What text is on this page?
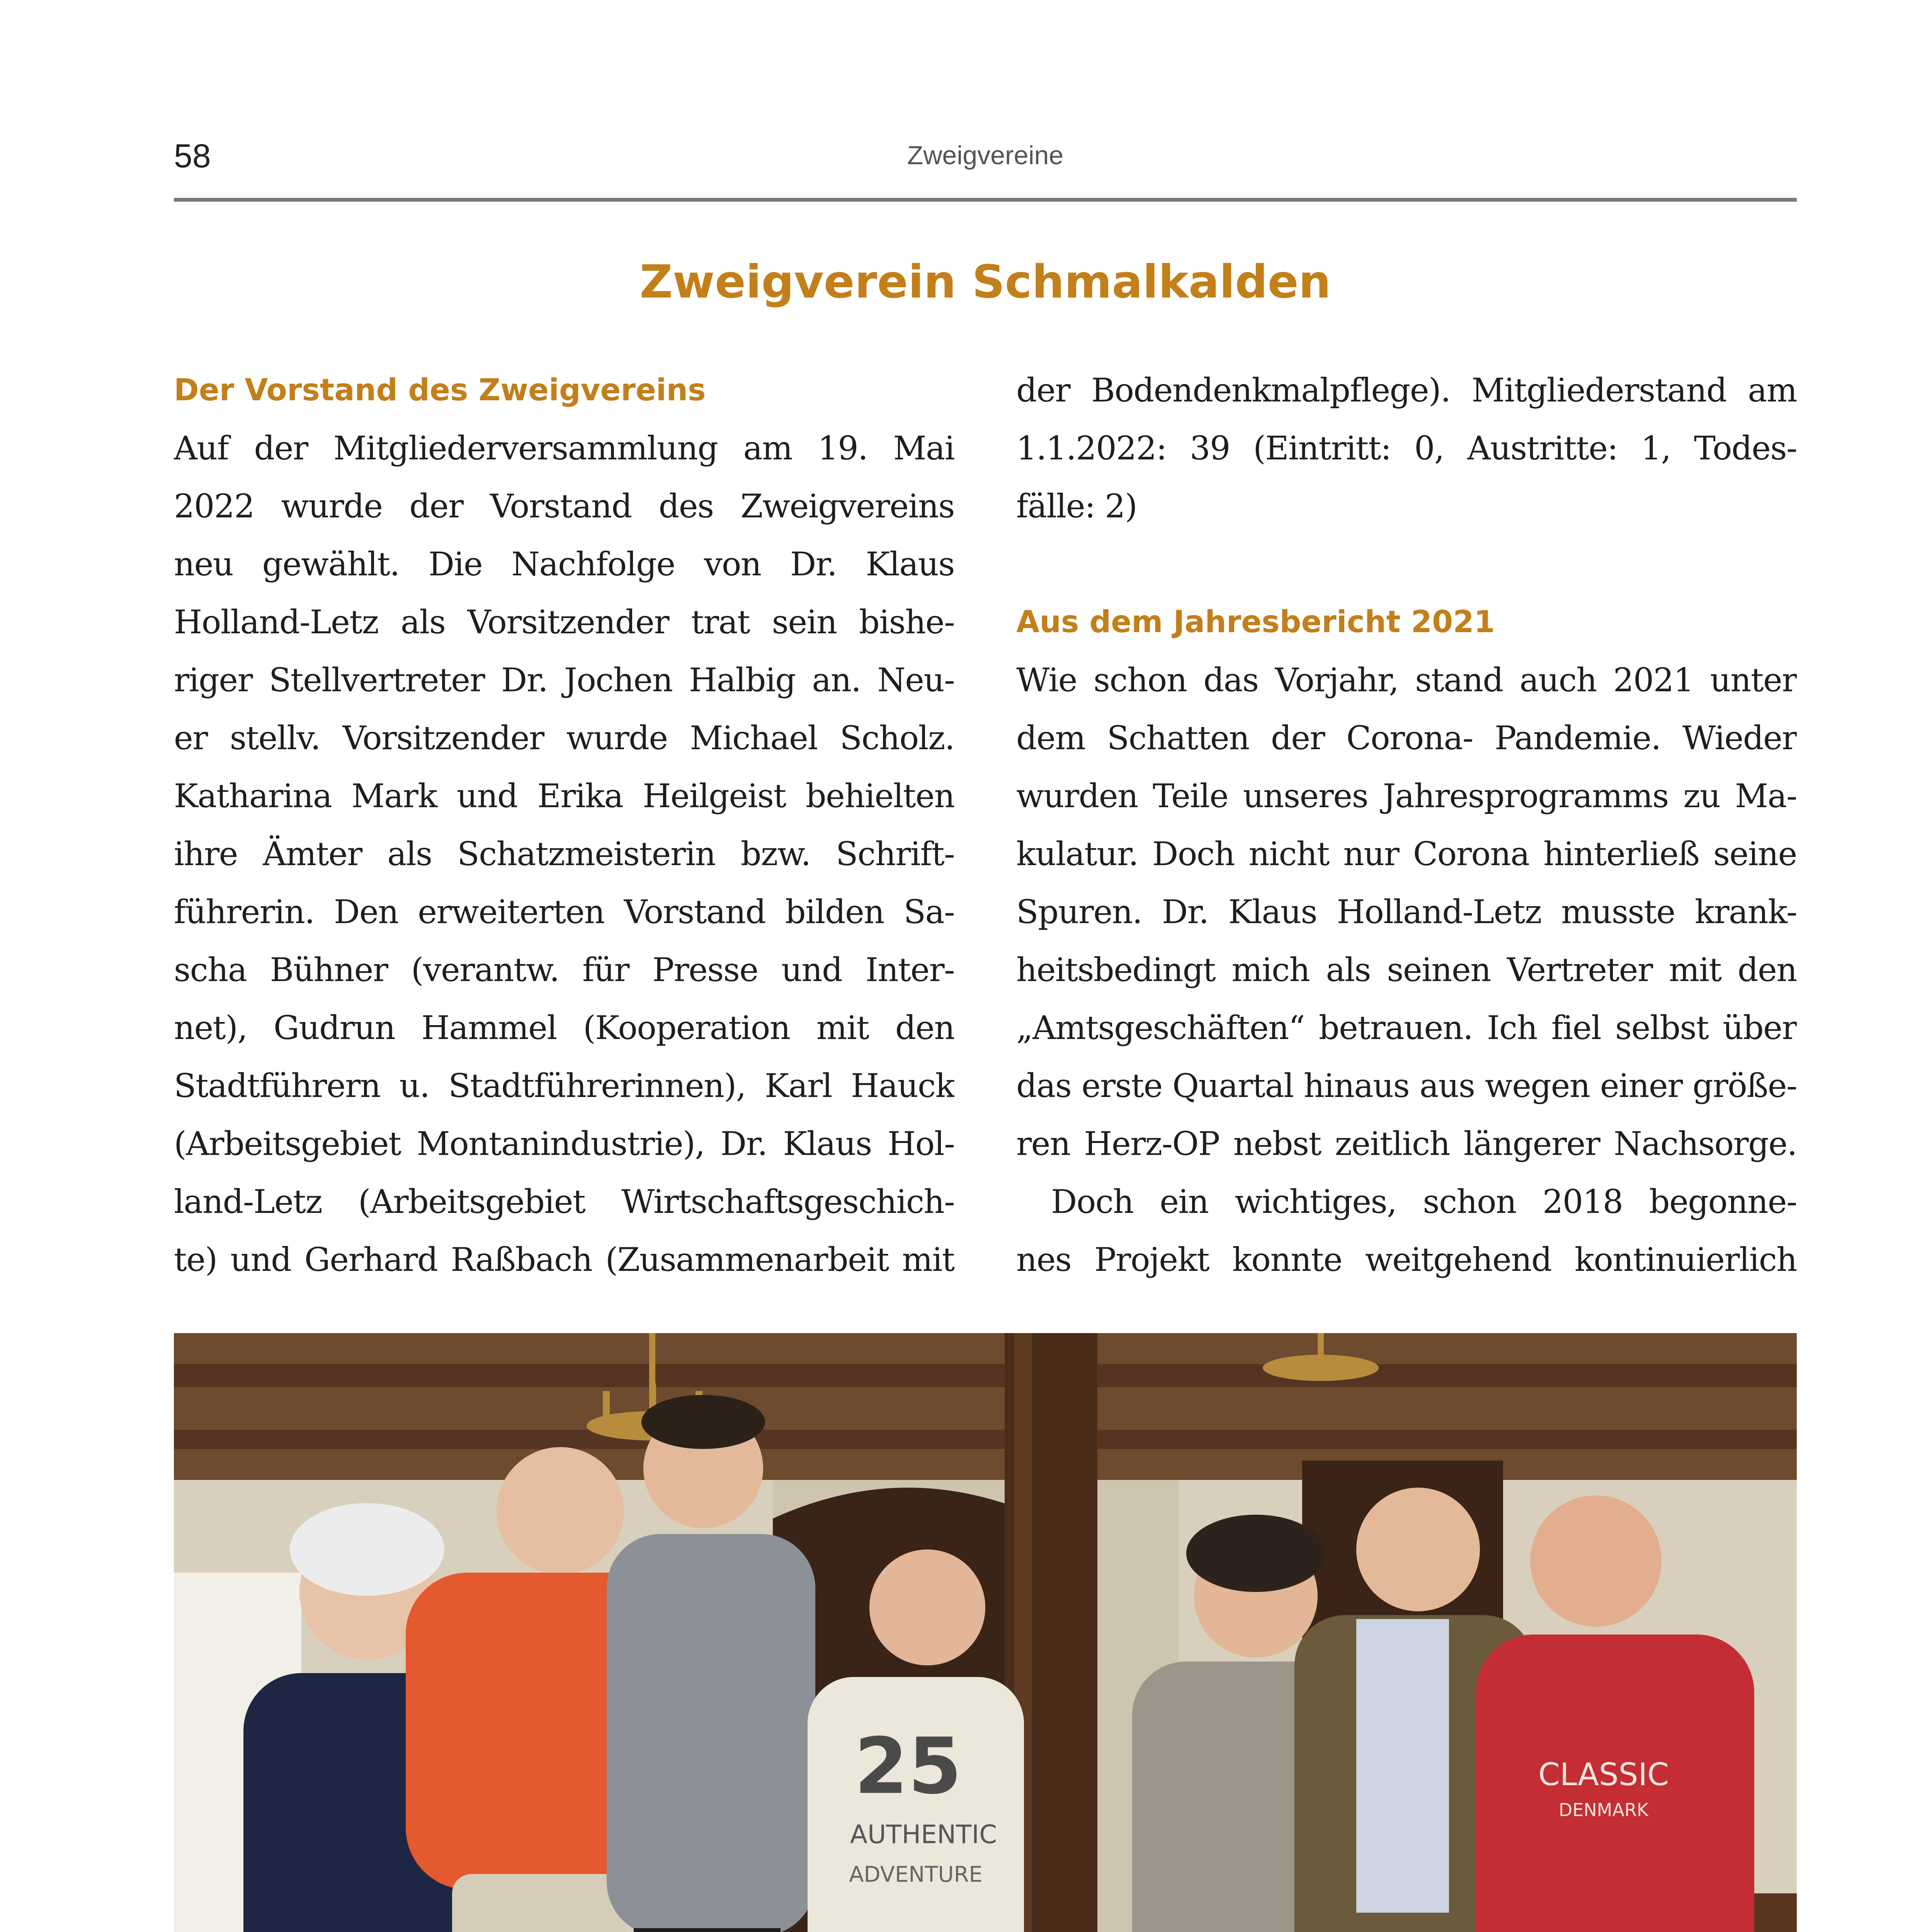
58	Zweigvereine
Zweigverein Schmalkalden
Der Vorstand des Zweigvereins
Auf der Mitgliederversammlung am 19. Mai
2022 wurde der Vorstand des Zweigvereins
neu gewählt. Die Nachfolge von Dr. Klaus
Holland-Letz als Vorsitzender trat sein bishe-
riger Stellvertreter Dr. Jochen Halbig an. Neu-
er stellv. Vorsitzender wurde Michael Scholz.
Katharina Mark und Erika Heilgeist behielten
ihre Ämter als Schatzmeisterin bzw. Schrift-
führerin. Den erweiterten Vorstand bilden Sa-
scha Bühner (verantw. für Presse und Inter-
net), Gudrun Hammel (Kooperation mit den
Stadtführern u. Stadtführerinnen), Karl Hauck
(Arbeitsgebiet Montanindustrie), Dr. Klaus Hol-
land-Letz (Arbeitsgebiet Wirtschaftsgeschich-
te) und Gerhard Raßbach (Zusammenarbeit mit
der Bodendenkmalpflege). Mitgliederstand am
1.1.2022: 39 (Eintritt: 0, Austritte: 1, Todes-
fälle: 2)
Aus dem Jahresbericht 2021
Wie schon das Vorjahr, stand auch 2021 unter
dem Schatten der Corona- Pandemie. Wieder
wurden Teile unseres Jahresprogramms zu Ma-
kulatur. Doch nicht nur Corona hinterließ seine
Spuren. Dr. Klaus Holland-Letz musste krank-
heitsbedingt mich als seinen Vertreter mit den
„Amtsgeschäften“ betrauen. Ich fiel selbst über
das erste Quartal hinaus aus wegen einer größe-
ren Herz-OP nebst zeitlich längerer Nachsorge.
Doch ein wichtiges, schon 2018 begonne-
nes Projekt konnte weitgehend kontinuierlich
25
AUTHENTIC
ADVENTURE
CLASSIC
DENMARK
